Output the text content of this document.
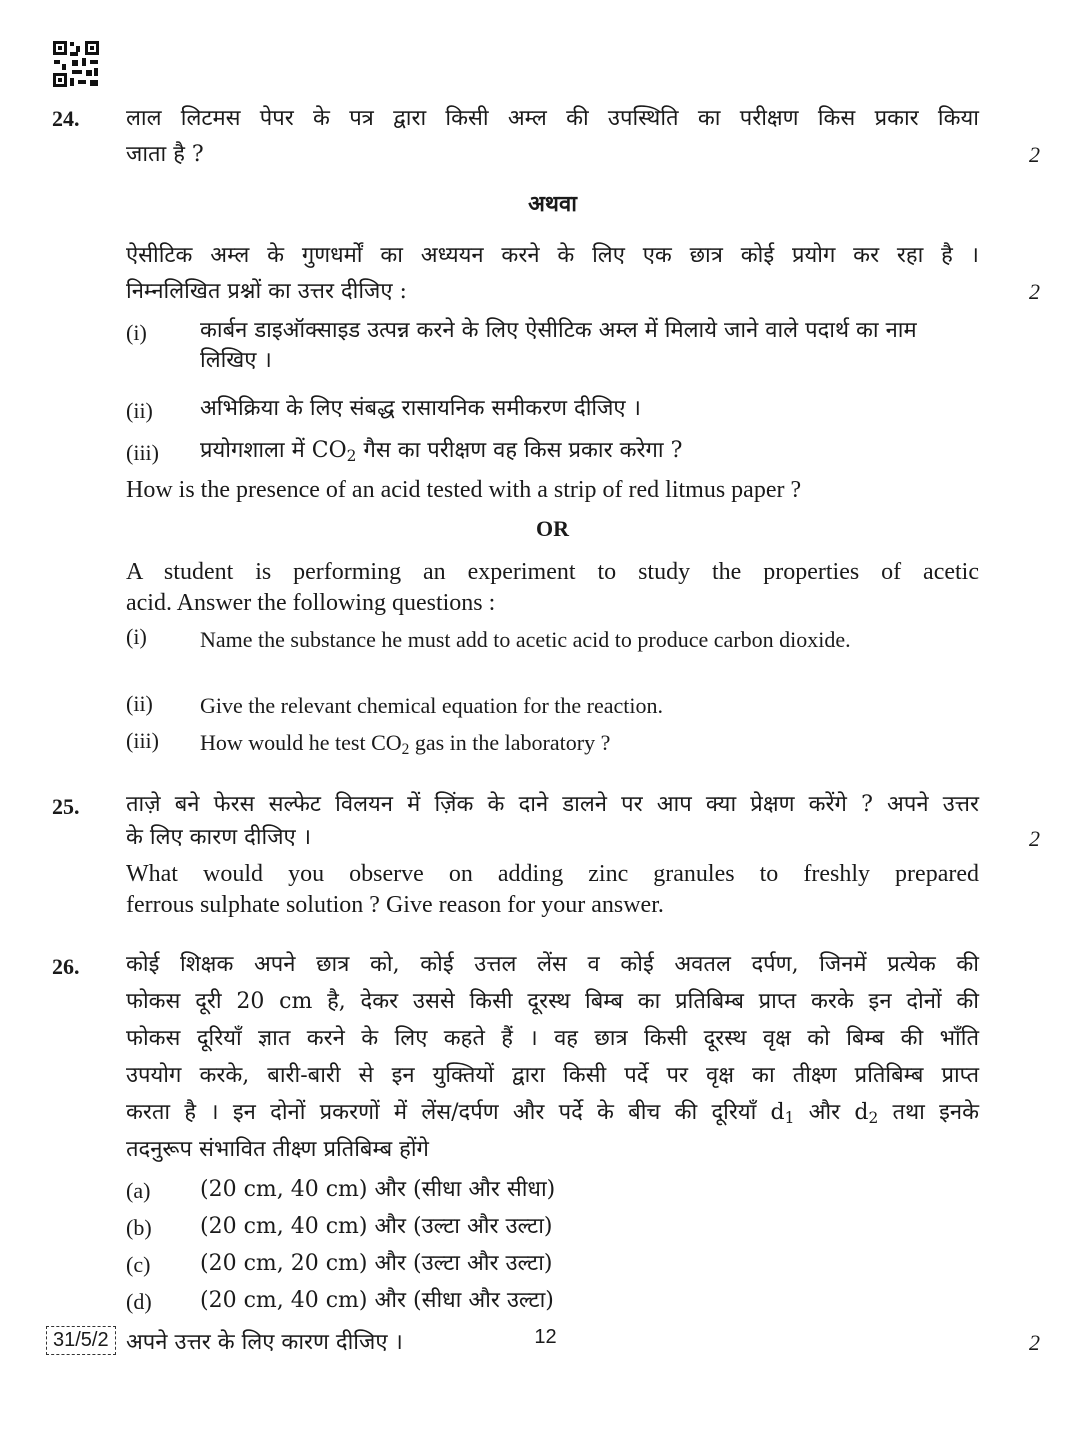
24. लाल लिटमस पेपर के पत्र द्वारा किसी अम्ल की उपस्थिति का परीक्षण किस प्रकार किया
जाता है ?	2
अथवा
ऐसीटिक अम्ल के गुणधर्मों का अध्ययन करने के लिए एक छात्र कोई प्रयोग कर रहा है ।
निम्नलिखित प्रश्नों का उत्तर दीजिए :	2
(i) कार्बन डाइऑक्साइड उत्पन्न करने के लिए ऐसीटिक अम्ल में मिलाये जाने वाले पदार्थ का नाम लिखिए ।
(ii) अभिक्रिया के लिए संबद्ध रासायनिक समीकरण दीजिए ।
(iii) प्रयोगशाला में $CO_2$ गैस का परीक्षण वह किस प्रकार करेगा ?
How is the presence of an acid tested with a strip of red litmus paper ?
OR
A student is performing an experiment to study the properties of acetic
acid. Answer the following questions :
(i) Name the substance he must add to acetic acid to produce carbon dioxide.
(ii) Give the relevant chemical equation for the reaction.
(iii) How would he test $CO_2$ gas in the laboratory ?
25. ताज़े बने फेरस सल्फेट विलयन में ज़िंक के दाने डालने पर आप क्या प्रेक्षण करेंगे ? अपने उत्तर
के लिए कारण दीजिए ।	2
What would you observe on adding zinc granules to freshly prepared
ferrous sulphate solution ? Give reason for your answer.
26. कोई शिक्षक अपने छात्र को, कोई उत्तल लेंस व कोई अवतल दर्पण, जिनमें प्रत्येक की
फोकस दूरी 20 cm है, देकर उससे किसी दूरस्थ बिम्ब का प्रतिबिम्ब प्राप्त करके इन दोनों की
फोकस दूरियाँ ज्ञात करने के लिए कहते हैं । वह छात्र किसी दूरस्थ वृक्ष को बिम्ब की भाँति
उपयोग करके, बारी-बारी से इन युक्तियों द्वारा किसी पर्दे पर वृक्ष का तीक्ष्ण प्रतिबिम्ब प्राप्त
करता है । इन दोनों प्रकरणों में लेंस/दर्पण और पर्दे के बीच की दूरियाँ $d_1$ और $d_2$ तथा इनके
तदनुरूप संभावित तीक्ष्ण प्रतिबिम्ब होंगे
(a) (20 cm, 40 cm) और (सीधा और सीधा)
(b) (20 cm, 40 cm) और (उल्टा और उल्टा)
(c) (20 cm, 20 cm) और (उल्टा और उल्टा)
(d) (20 cm, 40 cm) और (सीधा और उल्टा)
अपने उत्तर के लिए कारण दीजिए ।	2
31/5/2	12
